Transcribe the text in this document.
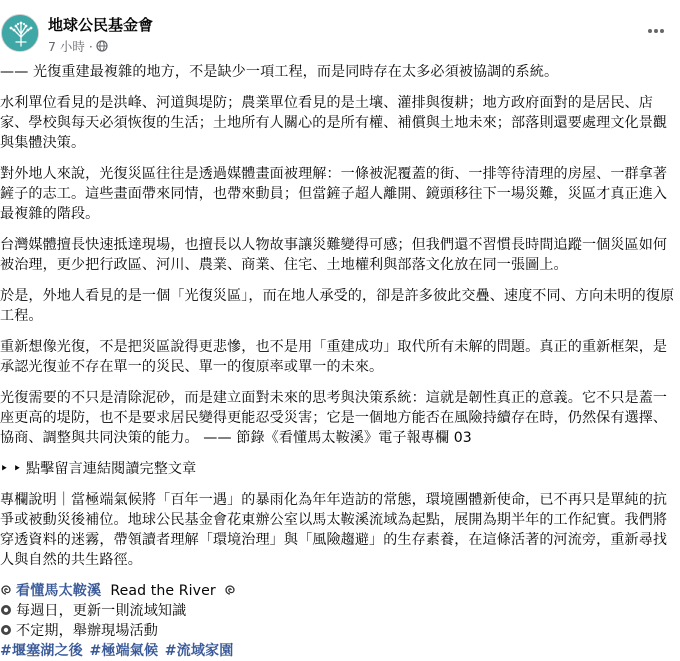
地球公民基金會
7 小時 ·

—— 光復重建最複雜的地方，不是缺少一項工程，而是同時存在太多必須被協調的系統。

水利單位看見的是洪峰、河道與堤防；農業單位看見的是土壤、灌排與復耕；地方政府面對的是居民、店家、學校與每天必須恢復的生活；土地所有人關心的是所有權、補償與土地未來；部落則還要處理文化景觀與集體決策。

對外地人來說，光復災區往往是透過媒體畫面被理解：一條被泥覆蓋的街、一排等待清理的房屋、一群拿著鏟子的志工。這些畫面帶來同情，也帶來動員；但當鏟子超人離開、鏡頭移往下一場災難，災區才真正進入最複雜的階段。

台灣媒體擅長快速抵達現場，也擅長以人物故事讓災難變得可感；但我們還不習慣長時間追蹤一個災區如何被治理，更少把行政區、河川、農業、商業、住宅、土地權利與部落文化放在同一張圖上。

於是，外地人看見的是一個「光復災區」，而在地人承受的，卻是許多彼此交疊、速度不同、方向未明的復原工程。

重新想像光復，不是把災區說得更悲慘，也不是用「重建成功」取代所有未解的問題。真正的重新框架，是承認光復並不存在單一的災民、單一的復原率或單一的未來。

光復需要的不只是清除泥砂，而是建立面對未來的思考與決策系統：這就是韌性真正的意義。它不只是蓋一座更高的堤防，也不是要求居民變得更能忍受災害；它是一個地方能否在風險持續存在時，仍然保有選擇、協商、調整與共同決策的能力。 —— 節錄《看懂馬太鞍溪》電子報專欄 03

‣ ‣ 點擊留言連結閱讀完整文章

專欄說明｜當極端氣候將「百年一遇」的暴雨化為年年造訪的常態，環境團體新使命，已不再只是單純的抗爭或被動災後補位。地球公民基金會花東辦公室以馬太鞍溪流域為起點，展開為期半年的工作紀實。我們將穿透資料的迷霧，帶領讀者理解「環境治理」與「風險趨避」的生存素養，在這條活著的河流旁，重新尋找人與自然的共生路徑。

看懂馬太鞍溪 Read the River

每週日，更新一則流域知識

不定期，舉辦現場活動

#堰塞湖之後 #極端氣候 #流域家園
